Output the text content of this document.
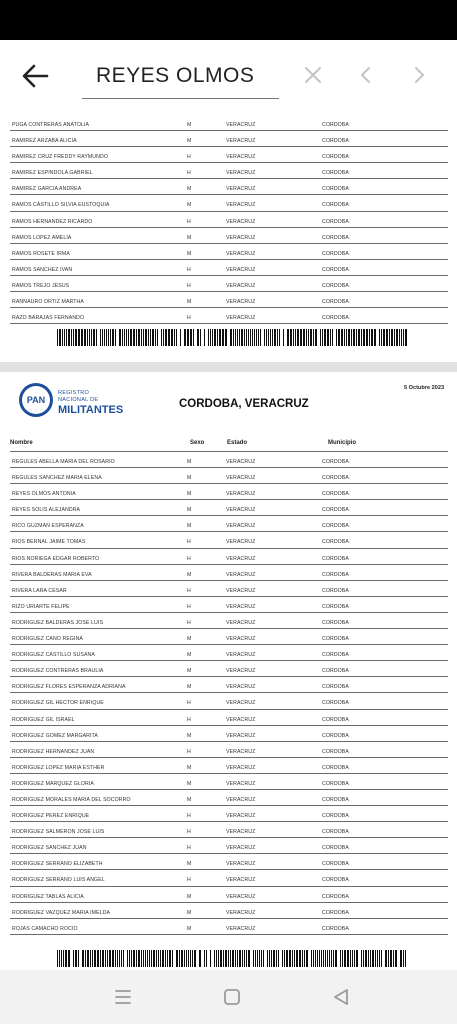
REYES OLMOS
PUGA CONTRERAS ANATOLIA	M	VERACRUZ	CORDOBA
RAMIREZ ARZABA ALICIA	M	VERACRUZ	CORDOBA
RAMIREZ CRUZ FREDDY RAYMUNDO	H	VERACRUZ	CORDOBA
RAMIREZ ESPINDOLA GABRIEL	H	VERACRUZ	CORDOBA
RAMIREZ GARCIA ANDREA	M	VERACRUZ	CORDOBA
RAMOS CASTILLO SILVIA EUSTOQUIA	M	VERACRUZ	CORDOBA
RAMOS HERNANDEZ RICARDO	H	VERACRUZ	CORDOBA
RAMOS LOPEZ AMELIA	M	VERACRUZ	CORDOBA
RAMOS ROSETE IRMA	M	VERACRUZ	CORDOBA
RAMOS SANCHEZ IVAN	H	VERACRUZ	CORDOBA
RAMOS TREJO JESUS	H	VERACRUZ	CORDOBA
RANNAURO ORTIZ MARTHA	M	VERACRUZ	CORDOBA
RAZO BARAJAS FERNANDO	H	VERACRUZ	CORDOBA
PAN
REGISTRO
NACIONAL DE
MILITANTES
5 Octubre 2023
CORDOBA, VERACRUZ
Nombre	Sexo	Estado	Municipio
REGULES ABELLA MARIA DEL ROSARIO	M	VERACRUZ	CORDOBA
REGULES SANCHEZ MARIA ELENA	M	VERACRUZ	CORDOBA
REYES OLMOS ANTONIA	M	VERACRUZ	CORDOBA
REYES SOLIS ALEJANDRA	M	VERACRUZ	CORDOBA
RICO GUZMAN ESPERANZA	M	VERACRUZ	CORDOBA
RIOS BERNAL JAIME TOMAS	H	VERACRUZ	CORDOBA
RIOS NORIEGA EDGAR ROBERTO	H	VERACRUZ	CORDOBA
RIVERA BALDERAS MARIA EVA	M	VERACRUZ	CORDOBA
RIVERA LARA CESAR	H	VERACRUZ	CORDOBA
RIZO URIARTE FELIPE	H	VERACRUZ	CORDOBA
RODRIGUEZ BALDERAS JOSE LUIS	H	VERACRUZ	CORDOBA
RODRIGUEZ CANO REGINA	M	VERACRUZ	CORDOBA
RODRIGUEZ CASTILLO SUSANA	M	VERACRUZ	CORDOBA
RODRIGUEZ CONTRERAS BRAULIA	M	VERACRUZ	CORDOBA
RODRIGUEZ FLORES ESPERANZA ADRIANA	M	VERACRUZ	CORDOBA
RODRIGUEZ GIL HECTOR ENRIQUE	H	VERACRUZ	CORDOBA
RODRIGUEZ GIL ISRAEL	H	VERACRUZ	CORDOBA
RODRIGUEZ GOMEZ MARGARITA	M	VERACRUZ	CORDOBA
RODRIGUEZ HERNANDEZ JUAN	H	VERACRUZ	CORDOBA
RODRIGUEZ LOPEZ MARIA ESTHER	M	VERACRUZ	CORDOBA
RODRIGUEZ MARQUEZ GLORIA	M	VERACRUZ	CORDOBA
RODRIGUEZ MORALES MARIA DEL SOCORRO	M	VERACRUZ	CORDOBA
RODRIGUEZ PEREZ ENRIQUE	H	VERACRUZ	CORDOBA
RODRIGUEZ SALMERON JOSE LUIS	H	VERACRUZ	CORDOBA
RODRIGUEZ SANCHEZ JUAN	H	VERACRUZ	CORDOBA
RODRIGUEZ SERRANO ELIZABETH	M	VERACRUZ	CORDOBA
RODRIGUEZ SERRANO LUIS ANGEL	H	VERACRUZ	CORDOBA
RODRIGUEZ TABLAS ALICIA	M	VERACRUZ	CORDOBA
RODRIGUEZ VAZQUEZ MARIA IMELDA	M	VERACRUZ	CORDOBA
ROJAS CAMACHO ROCIO	M	VERACRUZ	CORDOBA
